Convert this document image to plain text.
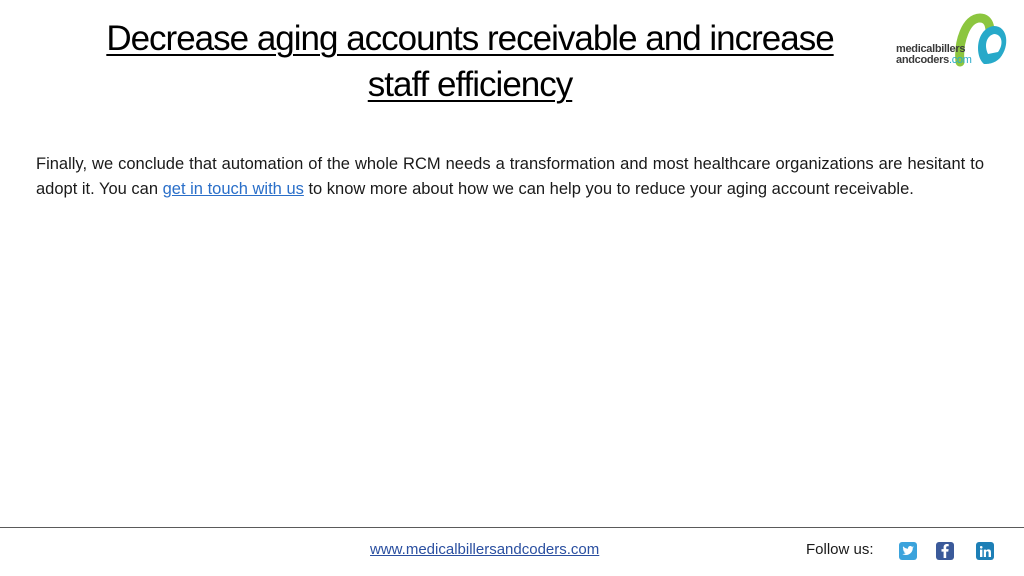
Decrease aging accounts receivable and increase
staff efficiency
medicalbillers
andcoders.com

Finally, we conclude that automation of the whole RCM needs a transformation and most healthcare organizations are hesitant to adopt it. You can get in touch with us to know more about how we can help you to reduce your aging account receivable.

www.medicalbillersandcoders.com	Follow us:
